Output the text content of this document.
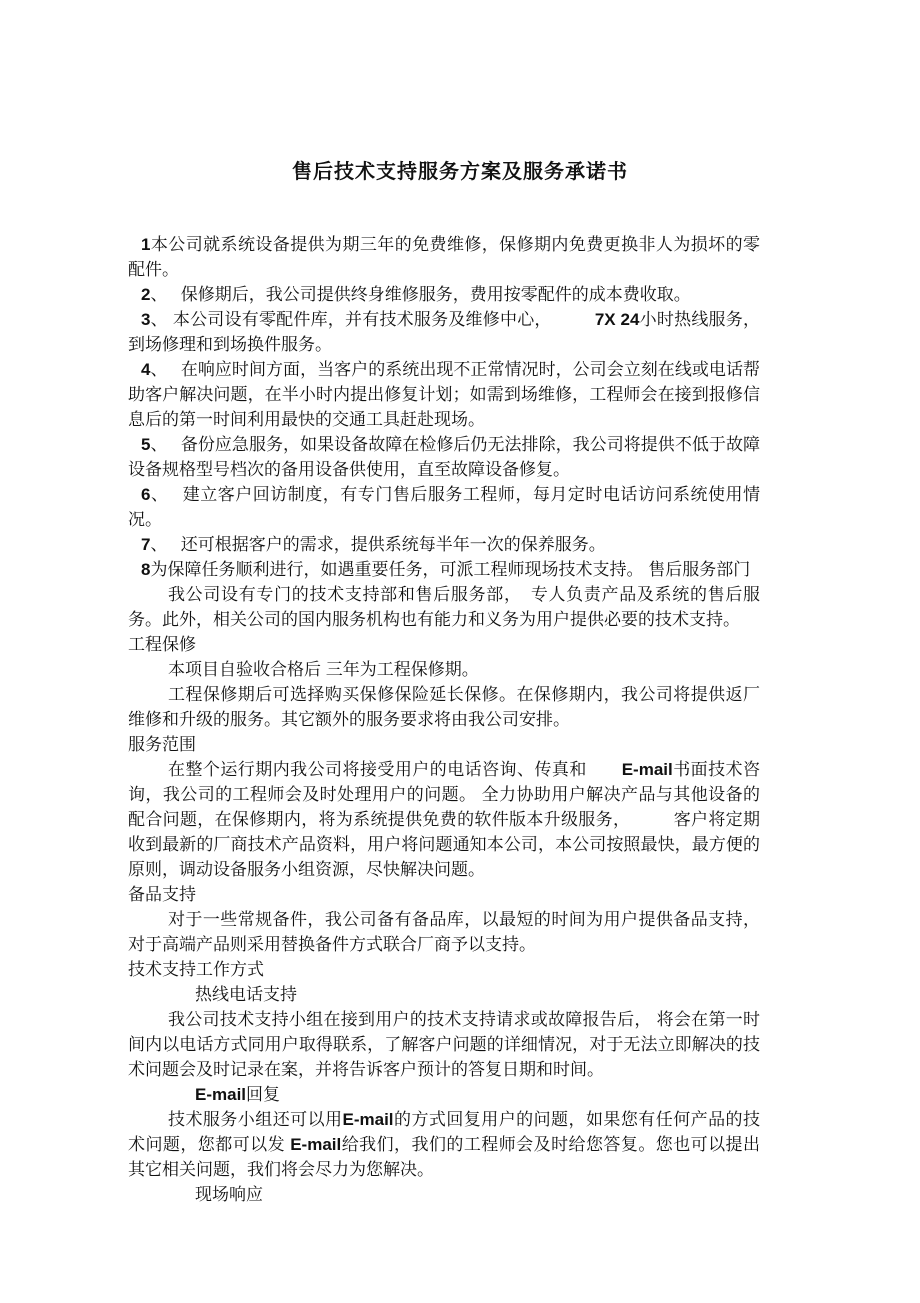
售后技术支持服务方案及服务承诺书

1本公司就系统设备提供为期三年的免费维修，保修期内免费更换非人为损坏的零配件。

2、　 保修期后，我公司提供终身维修服务，费用按零配件的成本费收取。

3、 本公司设有零配件库，并有技术服务及维修中心，　　　7X 24小时热线服务，到场修理和到场换件服务。

4、　 在响应时间方面，当客户的系统出现不正常情况时，公司会立刻在线或电话帮助客户解决问题，在半小时内提出修复计划；如需到场维修，工程师会在接到报修信息后的第一时间利用最快的交通工具赶赴现场。

5、　 备份应急服务，如果设备故障在检修后仍无法排除，我公司将提供不低于故障设备规格型号档次的备用设备供使用，直至故障设备修复。

6、　 建立客户回访制度，有专门售后服务工程师，每月定时电话访问系统使用情况。

7、　 还可根据客户的需求，提供系统每半年一次的保养服务。

8为保障任务顺利进行，如遇重要任务，可派工程师现场技术支持。 售后服务部门

我公司设有专门的技术支持部和售后服务部，　专人负责产品及系统的售后服务。此外，相关公司的国内服务机构也有能力和义务为用户提供必要的技术支持。

工程保修

本项目自验收合格后 三年为工程保修期。

工程保修期后可选择购买保修保险延长保修。在保修期内，我公司将提供返厂维修和升级的服务。其它额外的服务要求将由我公司安排。

服务范围

在整个运行期内我公司将接受用户的电话咨询、传真和　　E-mail书面技术咨询，我公司的工程师会及时处理用户的问题。 全力协助用户解决产品与其他设备的配合问题，在保修期内，将为系统提供免费的软件版本升级服务，　　　客户将定期收到最新的厂商技术产品资料，用户将问题通知本公司，本公司按照最快，最方便的原则，调动设备服务小组资源，尽快解决问题。

备品支持

对于一些常规备件，我公司备有备品库，以最短的时间为用户提供备品支持，对于高端产品则采用替换备件方式联合厂商予以支持。

技术支持工作方式

热线电话支持

我公司技术支持小组在接到用户的技术支持请求或故障报告后， 将会在第一时间内以电话方式同用户取得联系，了解客户问题的详细情况，对于无法立即解决的技术问题会及时记录在案，并将告诉客户预计的答复日期和时间。

E-mail回复

技术服务小组还可以用E-mail的方式回复用户的问题，如果您有任何产品的技术问题，您都可以发 E-mail给我们，我们的工程师会及时给您答复。您也可以提出其它相关问题，我们将会尽力为您解决。

现场响应
